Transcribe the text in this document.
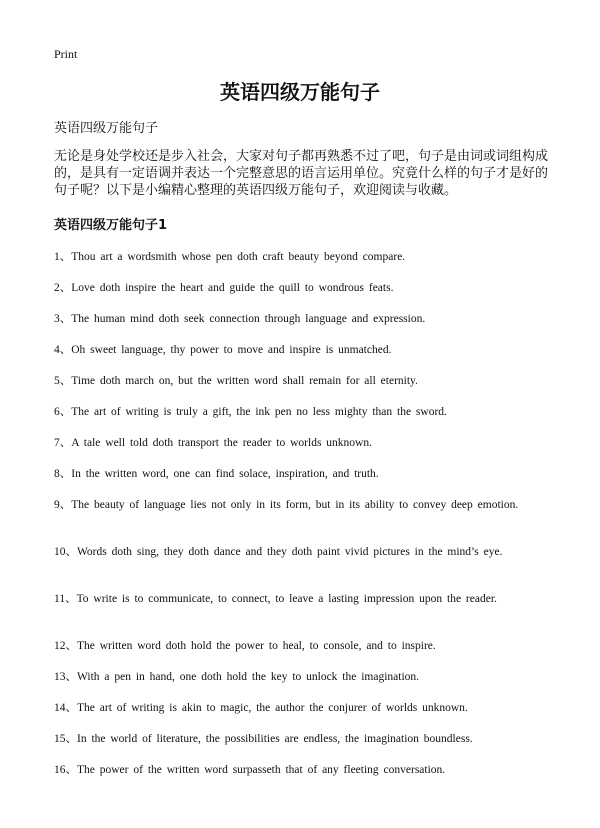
Print
英语四级万能句子
英语四级万能句子

无论是身处学校还是步入社会，大家对句子都再熟悉不过了吧，句子是由词或词组构成的，是具有一定语调并表达一个完整意思的语言运用单位。究竟什么样的句子才是好的句子呢？以下是小编精心整理的英语四级万能句子，欢迎阅读与收藏。

英语四级万能句子1
1、Thou art a wordsmith whose pen doth craft beauty beyond compare.
2、Love doth inspire the heart and guide the quill to wondrous feats.
3、The human mind doth seek connection through language and expression.
4、Oh sweet language, thy power to move and inspire is unmatched.
5、Time doth march on, but the written word shall remain for all eternity.
6、The art of writing is truly a gift, the ink pen no less mighty than the sword.
7、A tale well told doth transport the reader to worlds unknown.
8、In the written word, one can find solace, inspiration, and truth.
9、The beauty of language lies not only in its form, but in its ability to convey deep emotion.
10、Words doth sing, they doth dance and they doth paint vivid pictures in the mind’s eye.
11、To write is to communicate, to connect, to leave a lasting impression upon the reader.
12、The written word doth hold the power to heal, to console, and to inspire.
13、With a pen in hand, one doth hold the key to unlock the imagination.
14、The art of writing is akin to magic, the author the conjurer of worlds unknown.
15、In the world of literature, the possibilities are endless, the imagination boundless.
16、The power of the written word surpasseth that of any fleeting conversation.
